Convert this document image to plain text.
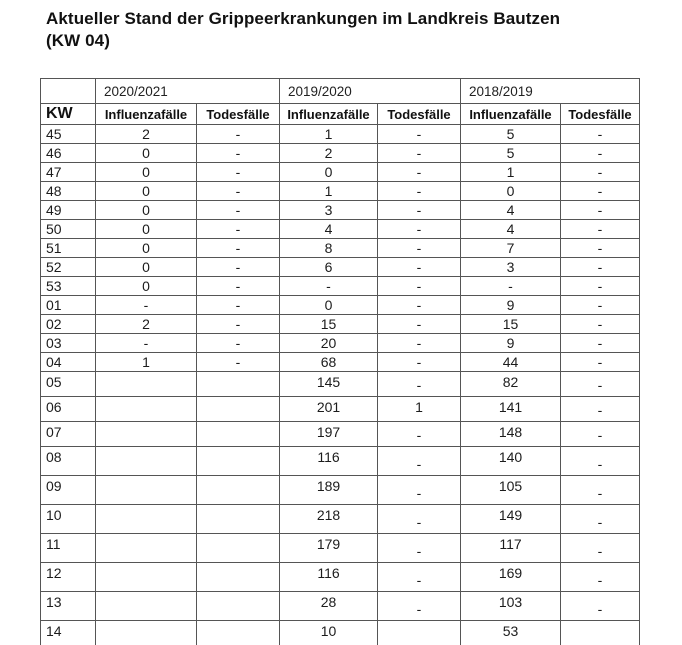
Aktueller Stand der Grippeerkrankungen im Landkreis Bautzen
(KW 04)
	2020/2021		2019/2020		2018/2019	
KW	Influenzafälle	Todesfälle	Influenzafälle	Todesfälle	Influenzafälle	Todesfälle
45	2	-	1	-	5	-
46	0	-	2	-	5	-
47	0	-	0	-	1	-
48	0	-	1	-	0	-
49	0	-	3	-	4	-
50	0	-	4	-	4	-
51	0	-	8	-	7	-
52	0	-	6	-	3	-
53	0	-	-	-	-	-
01	-	-	0	-	9	-
02	2	-	15	-	15	-
03	-	-	20	-	9	-
04	1	-	68	-	44	-
05			145	-	82	-
06			201	1	141	-
07			197	-	148	-
08			116	-	140	-
09			189	-	105	-
10			218	-	149	-
11			179	-	117	-
12			116	-	169	-
13			28	-	103	-
14			10		53	
